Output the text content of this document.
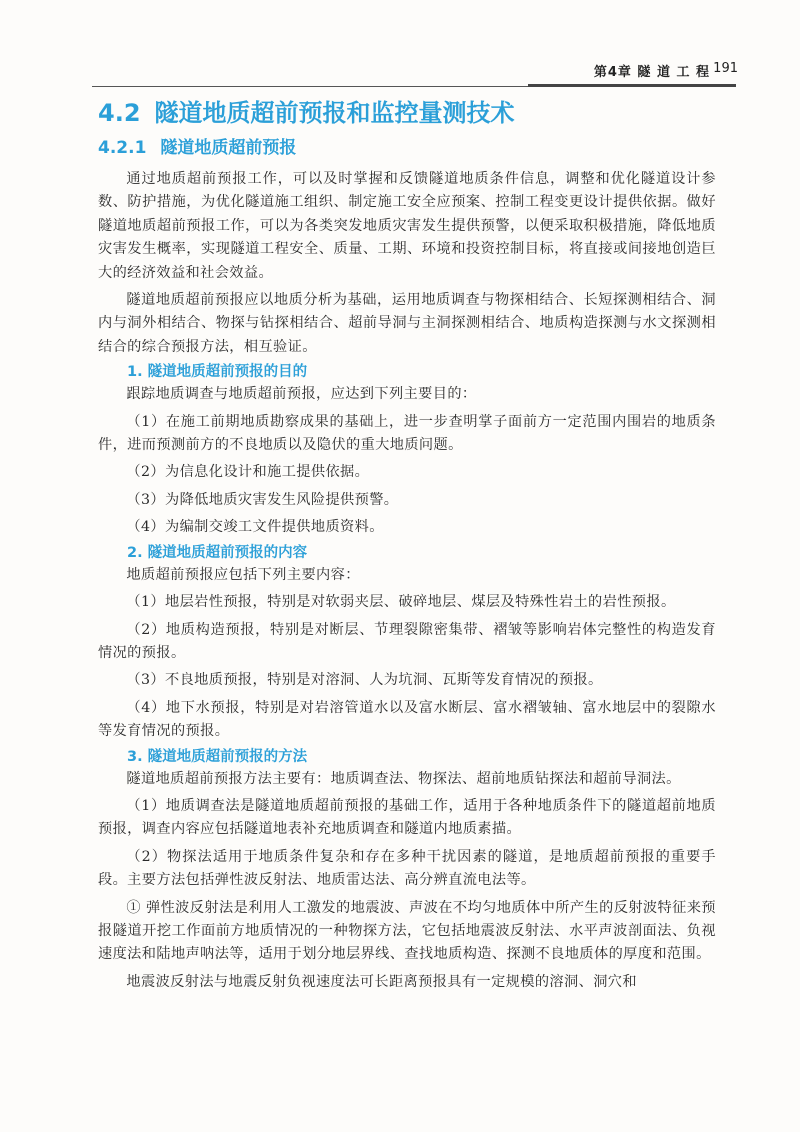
第4章 隧 道 工 程 191
4.2 隧道地质超前预报和监控量测技术
4.2.1 隧道地质超前预报

通过地质超前预报工作，可以及时掌握和反馈隧道地质条件信息，调整和优化隧道设计参数、防护措施，为优化隧道施工组织、制定施工安全应预案、控制工程变更设计提供依据。做好隧道地质超前预报工作，可以为各类突发地质灾害发生提供预警，以便采取积极措施，降低地质灾害发生概率，实现隧道工程安全、质量、工期、环境和投资控制目标，将直接或间接地创造巨大的经济效益和社会效益。

隧道地质超前预报应以地质分析为基础，运用地质调查与物探相结合、长短探测相结合、洞内与洞外相结合、物探与钻探相结合、超前导洞与主洞探测相结合、地质构造探测与水文探测相结合的综合预报方法，相互验证。

1. 隧道地质超前预报的目的

跟踪地质调查与地质超前预报，应达到下列主要目的：

（1）在施工前期地质勘察成果的基础上，进一步查明掌子面前方一定范围内围岩的地质条件，进而预测前方的不良地质以及隐伏的重大地质问题。

（2）为信息化设计和施工提供依据。

（3）为降低地质灾害发生风险提供预警。

（4）为编制交竣工文件提供地质资料。

2. 隧道地质超前预报的内容

地质超前预报应包括下列主要内容：

（1）地层岩性预报，特别是对软弱夹层、破碎地层、煤层及特殊性岩土的岩性预报。

（2）地质构造预报，特别是对断层、节理裂隙密集带、褶皱等影响岩体完整性的构造发育情况的预报。

（3）不良地质预报，特别是对溶洞、人为坑洞、瓦斯等发育情况的预报。

（4）地下水预报，特别是对岩溶管道水以及富水断层、富水褶皱轴、富水地层中的裂隙水等发育情况的预报。

3. 隧道地质超前预报的方法

隧道地质超前预报方法主要有：地质调查法、物探法、超前地质钻探法和超前导洞法。

（1）地质调查法是隧道地质超前预报的基础工作，适用于各种地质条件下的隧道超前地质预报，调查内容应包括隧道地表补充地质调查和隧道内地质素描。

（2）物探法适用于地质条件复杂和存在多种干扰因素的隧道，是地质超前预报的重要手段。主要方法包括弹性波反射法、地质雷达法、高分辨直流电法等。

① 弹性波反射法是利用人工激发的地震波、声波在不均匀地质体中所产生的反射波特征来预报隧道开挖工作面前方地质情况的一种物探方法，它包括地震波反射法、水平声波剖面法、负视速度法和陆地声呐法等，适用于划分地层界线、查找地质构造、探测不良地质体的厚度和范围。

地震波反射法与地震反射负视速度法可长距离预报具有一定规模的溶洞、洞穴和
